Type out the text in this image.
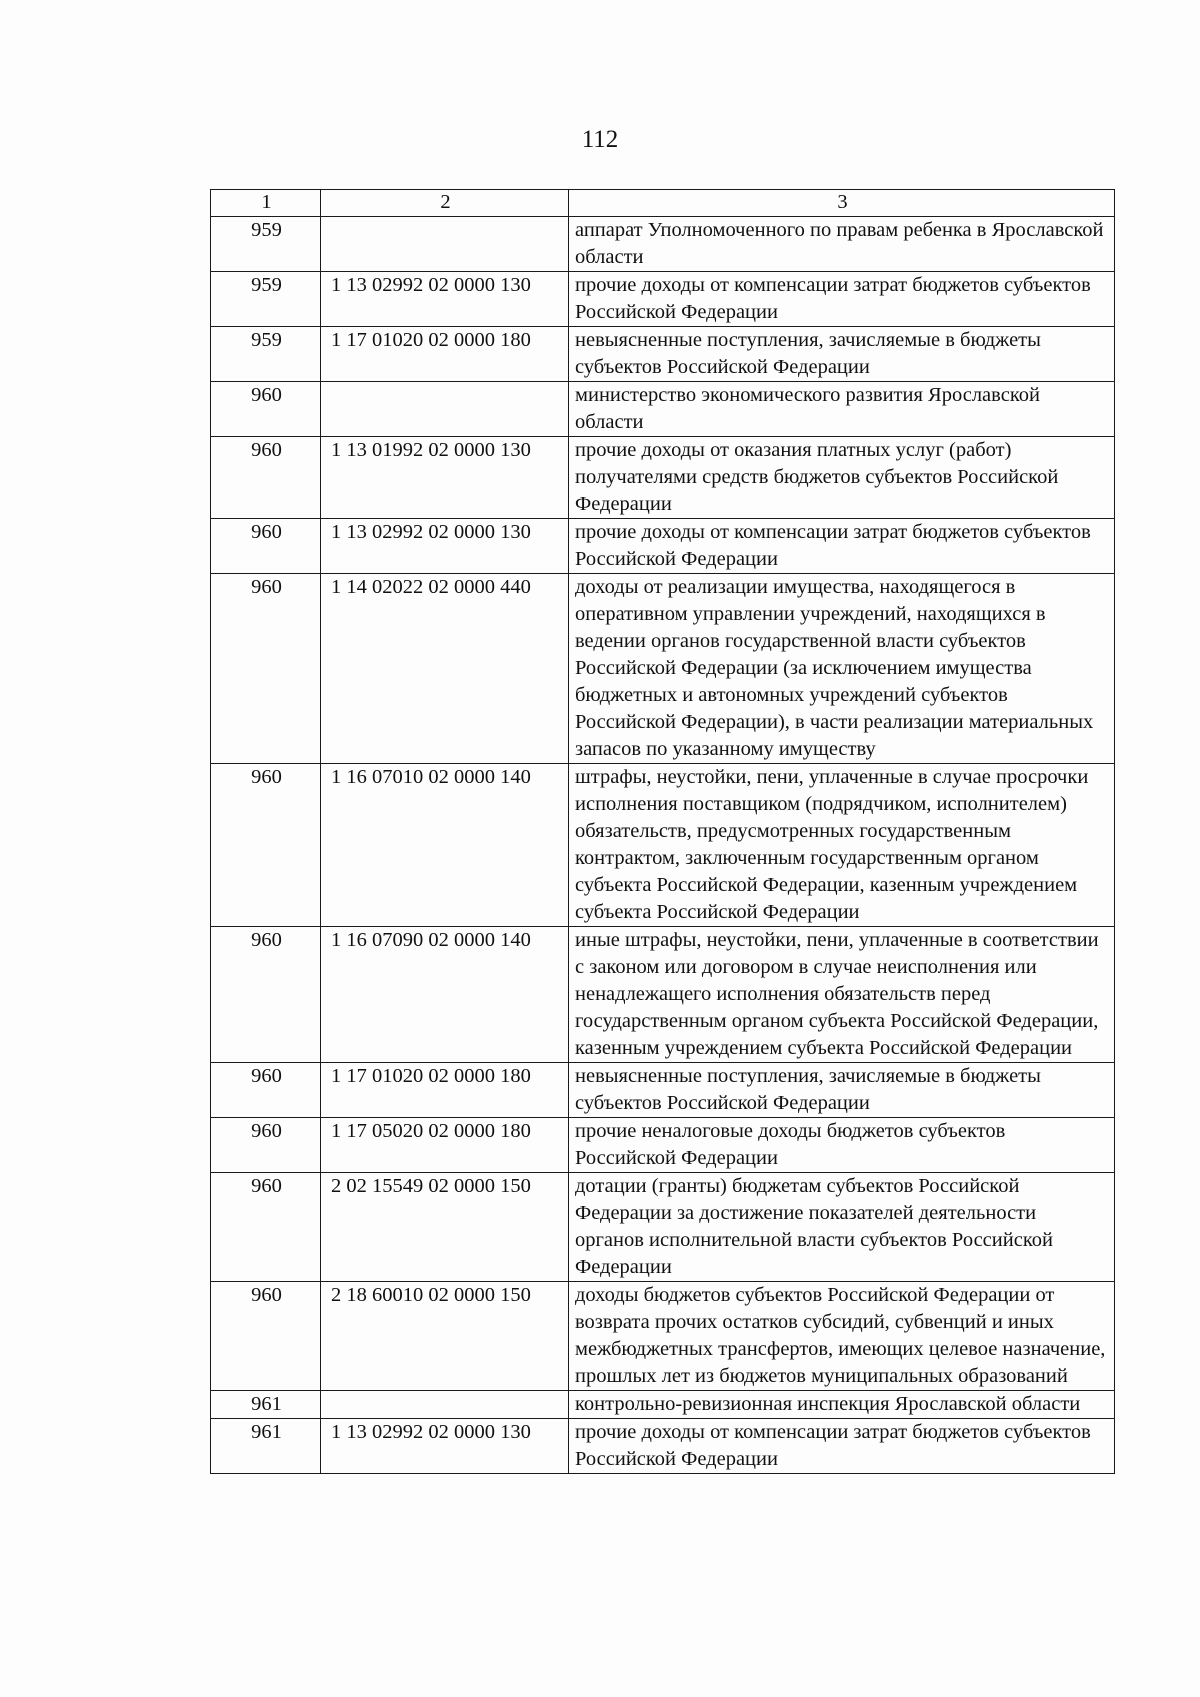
112
1	2	3
959		аппарат Уполномоченного по правам ребенка в Ярославской области
959	1 13 02992 02 0000 130	прочие доходы от компенсации затрат бюджетов субъектов Российской Федерации
959	1 17 01020 02 0000 180	невыясненные поступления, зачисляемые в бюджеты субъектов Российской Федерации
960		министерство экономического развития Ярославской области
960	1 13 01992 02 0000 130	прочие доходы от оказания платных услуг (работ) получателями средств бюджетов субъектов Российской Федерации
960	1 13 02992 02 0000 130	прочие доходы от компенсации затрат бюджетов субъектов Российской Федерации
960	1 14 02022 02 0000 440	доходы от реализации имущества, находящегося в оперативном управлении учреждений, находящихся в ведении органов государственной власти субъектов Российской Федерации (за исключением имущества бюджетных и автономных учреждений субъектов Российской Федерации), в части реализации материальных запасов по указанному имуществу
960	1 16 07010 02 0000 140	штрафы, неустойки, пени, уплаченные в случае просрочки исполнения поставщиком (подрядчиком, исполнителем) обязательств, предусмотренных государственным контрактом, заключенным государственным органом субъекта Российской Федерации, казенным учреждением субъекта Российской Федерации
960	1 16 07090 02 0000 140	иные штрафы, неустойки, пени, уплаченные в соответствии с законом или договором в случае неисполнения или ненадлежащего исполнения обязательств перед государственным органом субъекта Российской Федерации, казенным учреждением субъекта Российской Федерации
960	1 17 01020 02 0000 180	невыясненные поступления, зачисляемые в бюджеты субъектов Российской Федерации
960	1 17 05020 02 0000 180	прочие неналоговые доходы бюджетов субъектов Российской Федерации
960	2 02 15549 02 0000 150	дотации (гранты) бюджетам субъектов Российской Федерации за достижение показателей деятельности органов исполнительной власти субъектов Российской Федерации
960	2 18 60010 02 0000 150	доходы бюджетов субъектов Российской Федерации от возврата прочих остатков субсидий, субвенций и иных межбюджетных трансфертов, имеющих целевое назначение, прошлых лет из бюджетов муниципальных образований
961		контрольно-ревизионная инспекция Ярославской области
961	1 13 02992 02 0000 130	прочие доходы от компенсации затрат бюджетов субъектов Российской Федерации
